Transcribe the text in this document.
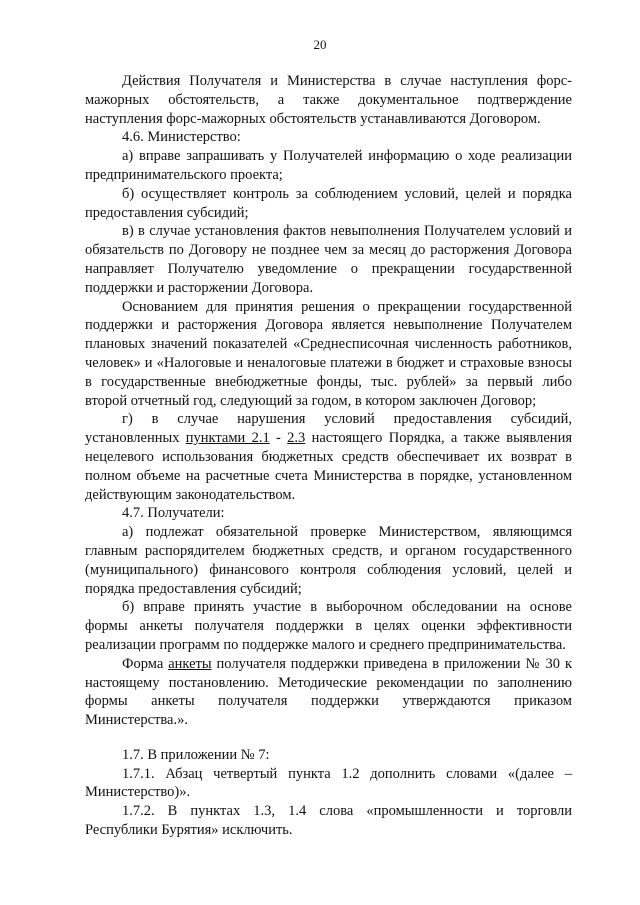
20

Действия Получателя и Министерства в случае наступления форс-мажорных обстоятельств, а также документальное подтверждение наступления форс-мажорных обстоятельств устанавливаются Договором.

4.6. Министерство:

а) вправе запрашивать у Получателей информацию о ходе реализации предпринимательского проекта;

б) осуществляет контроль за соблюдением условий, целей и порядка предоставления субсидий;

в) в случае установления фактов невыполнения Получателем условий и обязательств по Договору не позднее чем за месяц до расторжения Договора направляет Получателю уведомление о прекращении государственной поддержки и расторжении Договора.

Основанием для принятия решения о прекращении государственной поддержки и расторжения Договора является невыполнение Получателем плановых значений показателей «Среднесписочная численность работников, человек» и «Налоговые и неналоговые платежи в бюджет и страховые взносы в государственные внебюджетные фонды, тыс. рублей» за первый либо второй отчетный год, следующий за годом, в котором заключен Договор;

г) в случае нарушения условий предоставления субсидий, установленных пунктами 2.1 - 2.3 настоящего Порядка, а также выявления нецелевого использования бюджетных средств обеспечивает их возврат в полном объеме на расчетные счета Министерства в порядке, установленном действующим законодательством.

4.7. Получатели:

а) подлежат обязательной проверке Министерством, являющимся главным распорядителем бюджетных средств, и органом государственного (муниципального) финансового контроля соблюдения условий, целей и порядка предоставления субсидий;

б) вправе принять участие в выборочном обследовании на основе формы анкеты получателя поддержки в целях оценки эффективности реализации программ по поддержке малого и среднего предпринимательства.

Форма анкеты получателя поддержки приведена в приложении № 30 к настоящему постановлению. Методические рекомендации по заполнению формы анкеты получателя поддержки утверждаются приказом Министерства.».

1.7. В приложении № 7:

1.7.1. Абзац четвертый пункта 1.2 дополнить словами «(далее – Министерство)».

1.7.2. В пунктах 1.3, 1.4 слова «промышленности и торговли Республики Бурятия» исключить.
